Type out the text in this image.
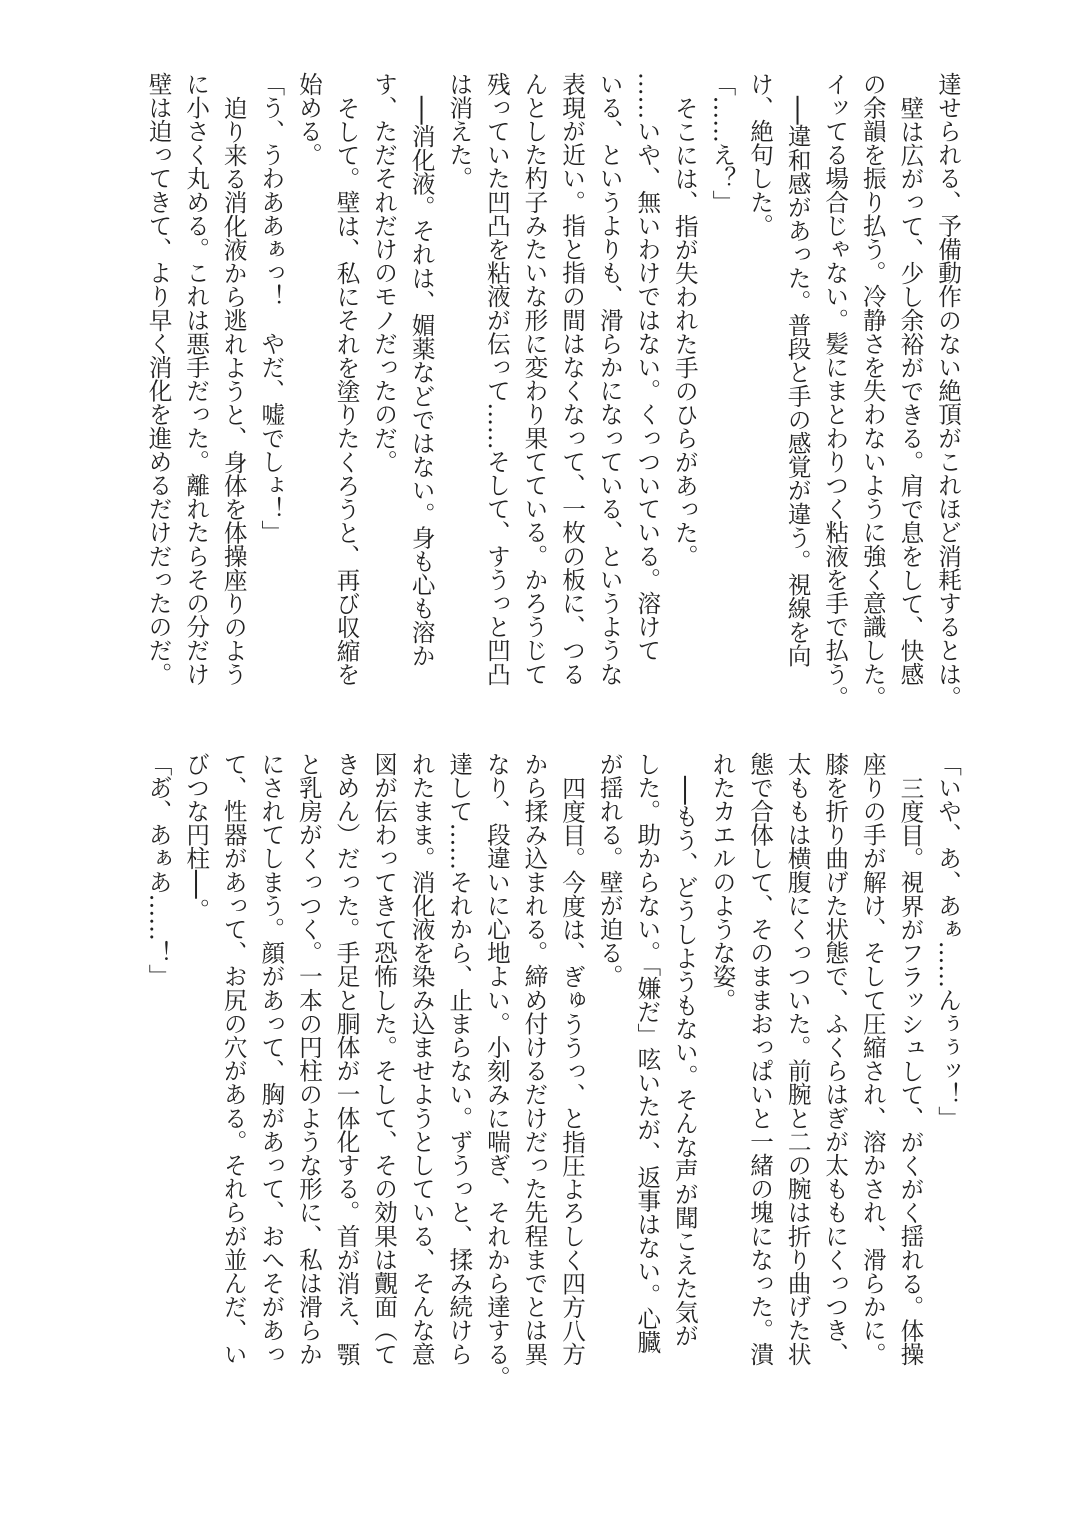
達せられる、予備動作のない絶頂がこれほど消耗するとは。
壁は広がって、少し余裕ができる。肩で息をして、快感
の余韻を振り払う。冷静さを失わないように強く意識した。
イッてる場合じゃない。髪にまとわりつく粘液を手で払う。
──違和感があった。普段と手の感覚が違う。視線を向
け、絶句した。
「……え？」
そこには、指が失われた手のひらがあった。
……いや、無いわけではない。くっついている。溶けて
いる、というよりも、滑らかになっている、というような
表現が近い。指と指の間はなくなって、一枚の板に、つる
んとした杓子みたいな形に変わり果てている。かろうじて
残っていた凹凸を粘液が伝って……そして、すうっと凹凸
は消えた。
──消化液。それは、媚薬などではない。身も心も溶か
す、ただそれだけのモノだったのだ。
そして。壁は、私にそれを塗りたくろうと、再び収縮を
始める。
「う、うわああぁっ！　やだ、嘘でしょ！」
迫り来る消化液から逃れようと、身体を体操座りのよう
に小さく丸める。これは悪手だった。離れたらその分だけ
壁は迫ってきて、より早く消化を進めるだけだったのだ。
「いや、あ、あぁ……んぅぅッ！」
三度目。視界がフラッシュして、がくがく揺れる。体操
座りの手が解け、そして圧縮され、溶かされ、滑らかに。
膝を折り曲げた状態で、ふくらはぎが太ももにくっつき、
太ももは横腹にくっついた。前腕と二の腕は折り曲げた状
態で合体して、そのままおっぱいと一緒の塊になった。潰
れたカエルのような姿。
──もう、どうしようもない。そんな声が聞こえた気が
した。助からない。「嫌だ」呟いたが、返事はない。心臓
が揺れる。壁が迫る。
四度目。今度は、ぎゅううっ、と指圧よろしく四方八方
から揉み込まれる。締め付けるだけだった先程までとは異
なり、段違いに心地よい。小刻みに喘ぎ、それから達する。
達して……それから、止まらない。ずうっと、揉み続けら
れたまま。消化液を染み込ませようとしている、そんな意
図が伝わってきて恐怖した。そして、その効果は覿面（て
きめん）だった。手足と胴体が一体化する。首が消え、顎
と乳房がくっつく。一本の円柱のような形に、私は滑らか
にされてしまう。顔があって、胸があって、おへそがあっ
て、性器があって、お尻の穴がある。それらが並んだ、い
びつな円柱──。
「あ゙、あぁあ……！」
